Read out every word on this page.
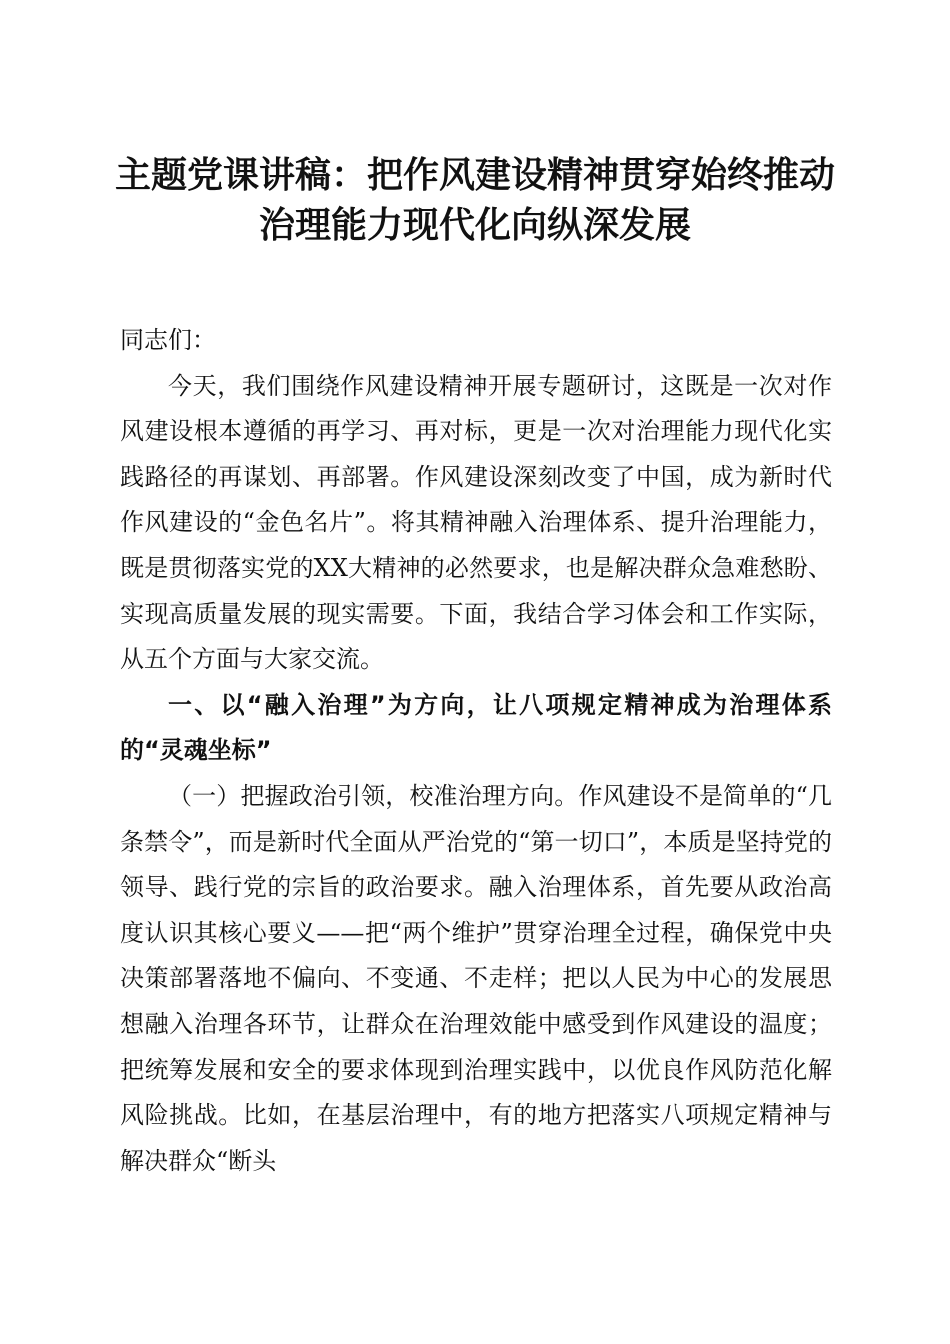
主题党课讲稿：把作风建设精神贯穿始终推动
治理能力现代化向纵深发展

同志们：

今天，我们围绕作风建设精神开展专题研讨，这既是一次对作风建设根本遵循的再学习、再对标，更是一次对治理能力现代化实践路径的再谋划、再部署。作风建设深刻改变了中国，成为新时代作风建设的“金色名片”。将其精神融入治理体系、提升治理能力，既是贯彻落实党的XX大精神的必然要求，也是解决群众急难愁盼、实现高质量发展的现实需要。下面，我结合学习体会和工作实际，从五个方面与大家交流。

一、以“融入治理”为方向，让八项规定精神成为治理体系的“灵魂坐标”

（一）把握政治引领，校准治理方向。作风建设不是简单的“几条禁令”，而是新时代全面从严治党的“第一切口”，本质是坚持党的领导、践行党的宗旨的政治要求。融入治理体系，首先要从政治高度认识其核心要义——把“两个维护”贯穿治理全过程，确保党中央决策部署落地不偏向、不变通、不走样；把以人民为中心的发展思想融入治理各环节，让群众在治理效能中感受到作风建设的温度；把统筹发展和安全的要求体现到治理实践中，以优良作风防范化解风险挑战。比如，在基层治理中，有的地方把落实八项规定精神与解决群众“断头
